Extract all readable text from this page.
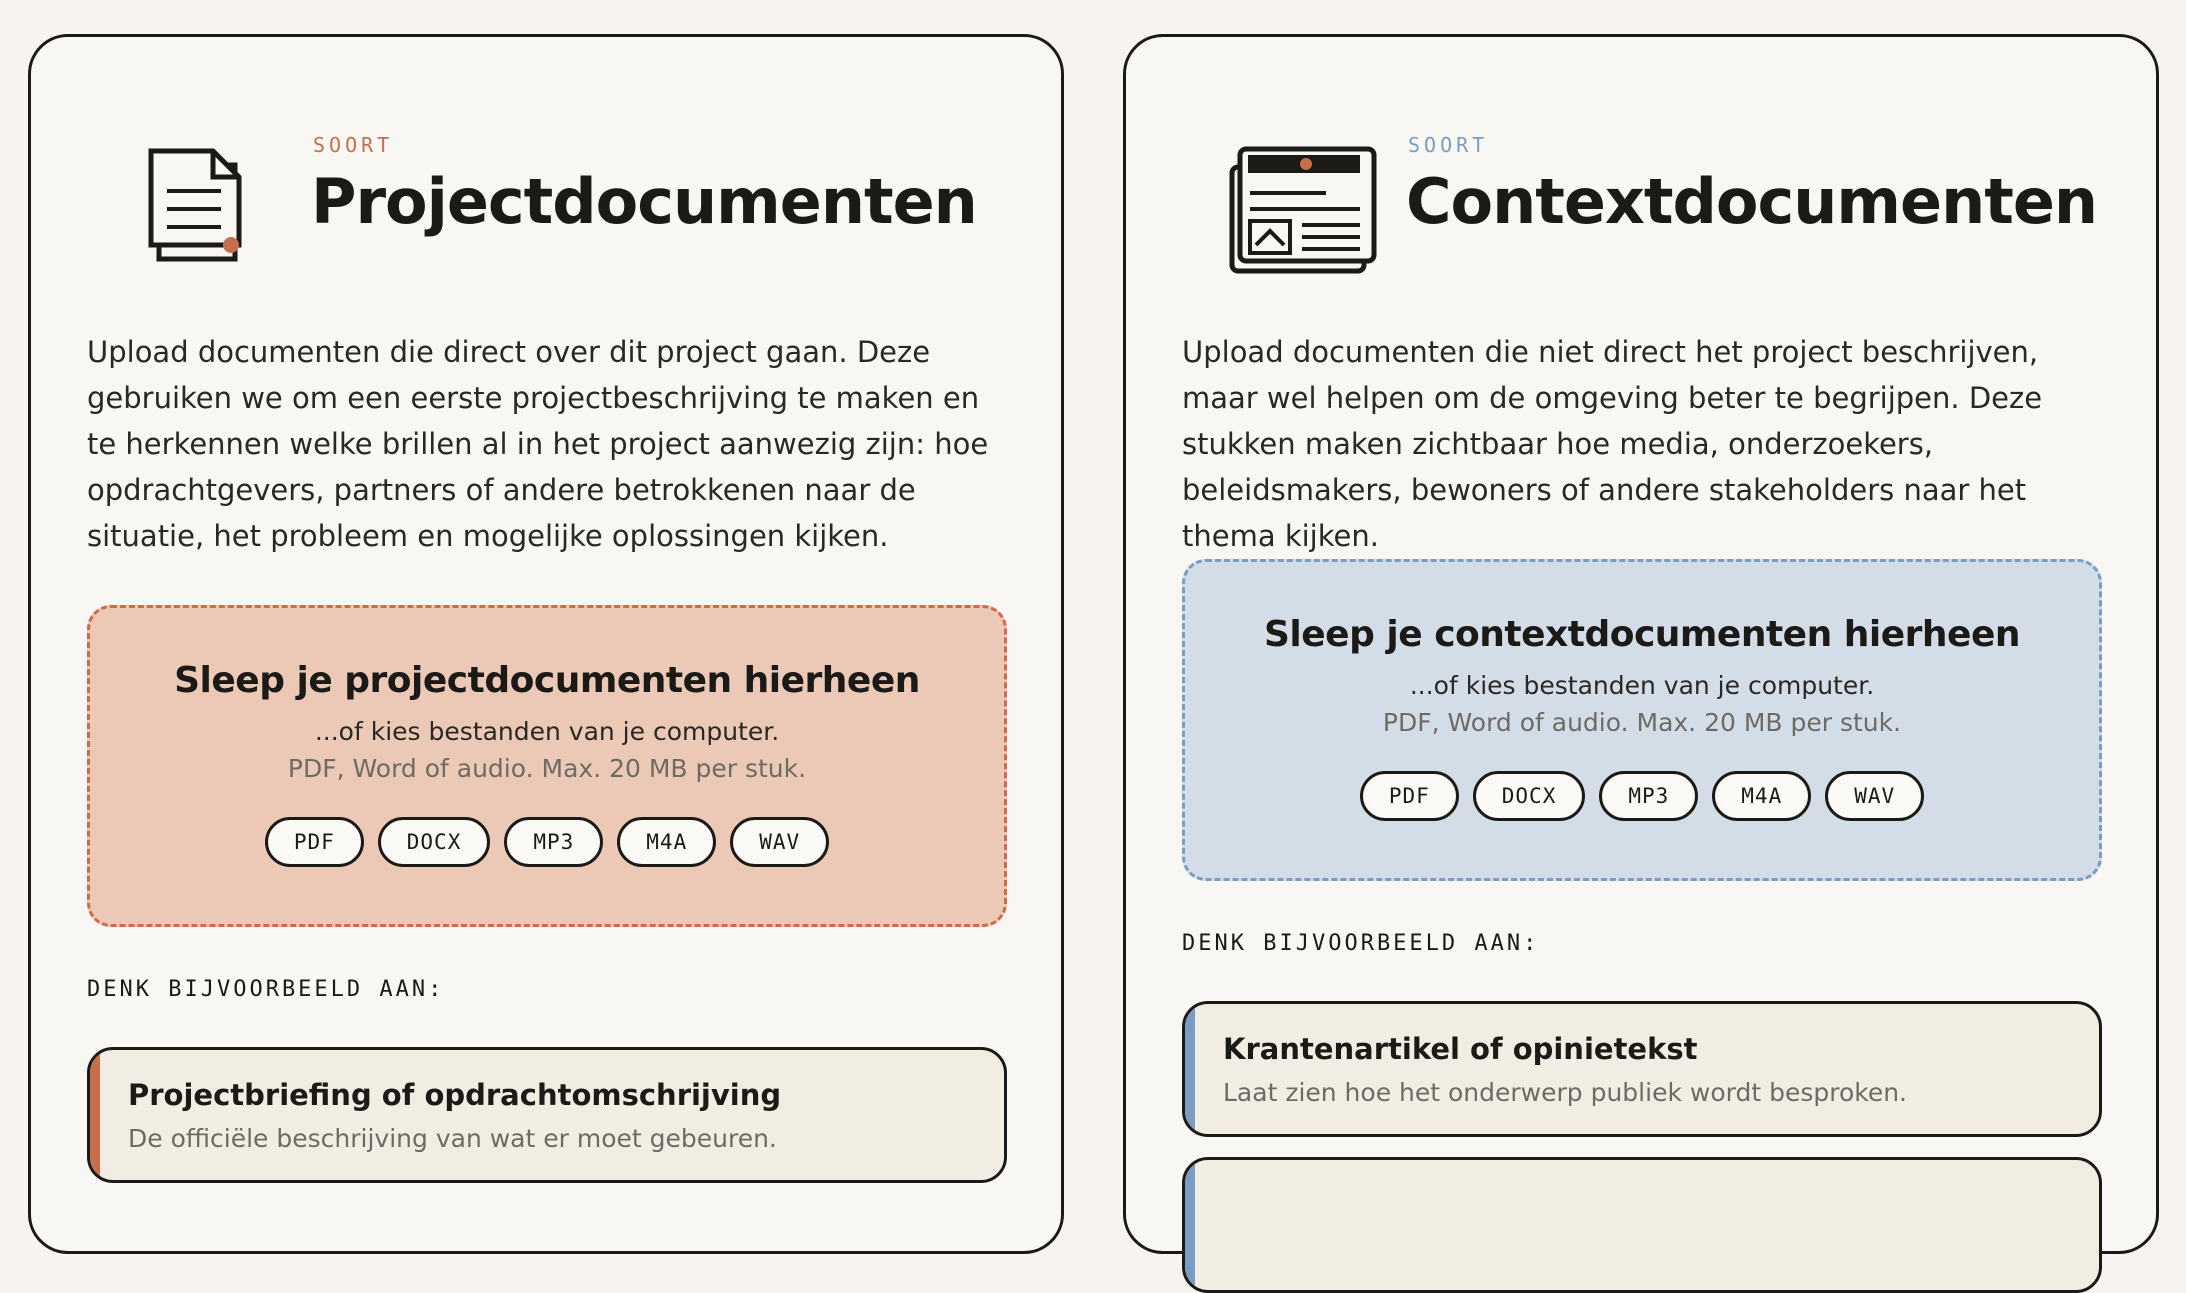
SOORT
Projectdocumenten

Upload documenten die direct over dit project gaan. Deze gebruiken we om een eerste projectbeschrijving te maken en te herkennen welke brillen al in het project aanwezig zijn: hoe opdrachtgevers, partners of andere betrokkenen naar de situatie, het probleem en mogelijke oplossingen kijken.

Sleep je projectdocumenten hierheen
...of kies bestanden van je computer.
PDF, Word of audio. Max. 20 MB per stuk.
PDF	DOCX	MP3	M4A	WAV
DENK BIJVOORBEELD AAN:

Projectbriefing of opdrachtomschrijving

De officiële beschrijving van wat er moet gebeuren.

SOORT
Contextdocumenten

Upload documenten die niet direct het project beschrijven, maar wel helpen om de omgeving beter te begrijpen. Deze stukken maken zichtbaar hoe media, onderzoekers, beleidsmakers, bewoners of andere stakeholders naar het thema kijken.

Sleep je contextdocumenten hierheen
...of kies bestanden van je computer.
PDF, Word of audio. Max. 20 MB per stuk.
PDF	DOCX	MP3	M4A	WAV
DENK BIJVOORBEELD AAN:

Krantenartikel of opinietekst

Laat zien hoe het onderwerp publiek wordt besproken.
